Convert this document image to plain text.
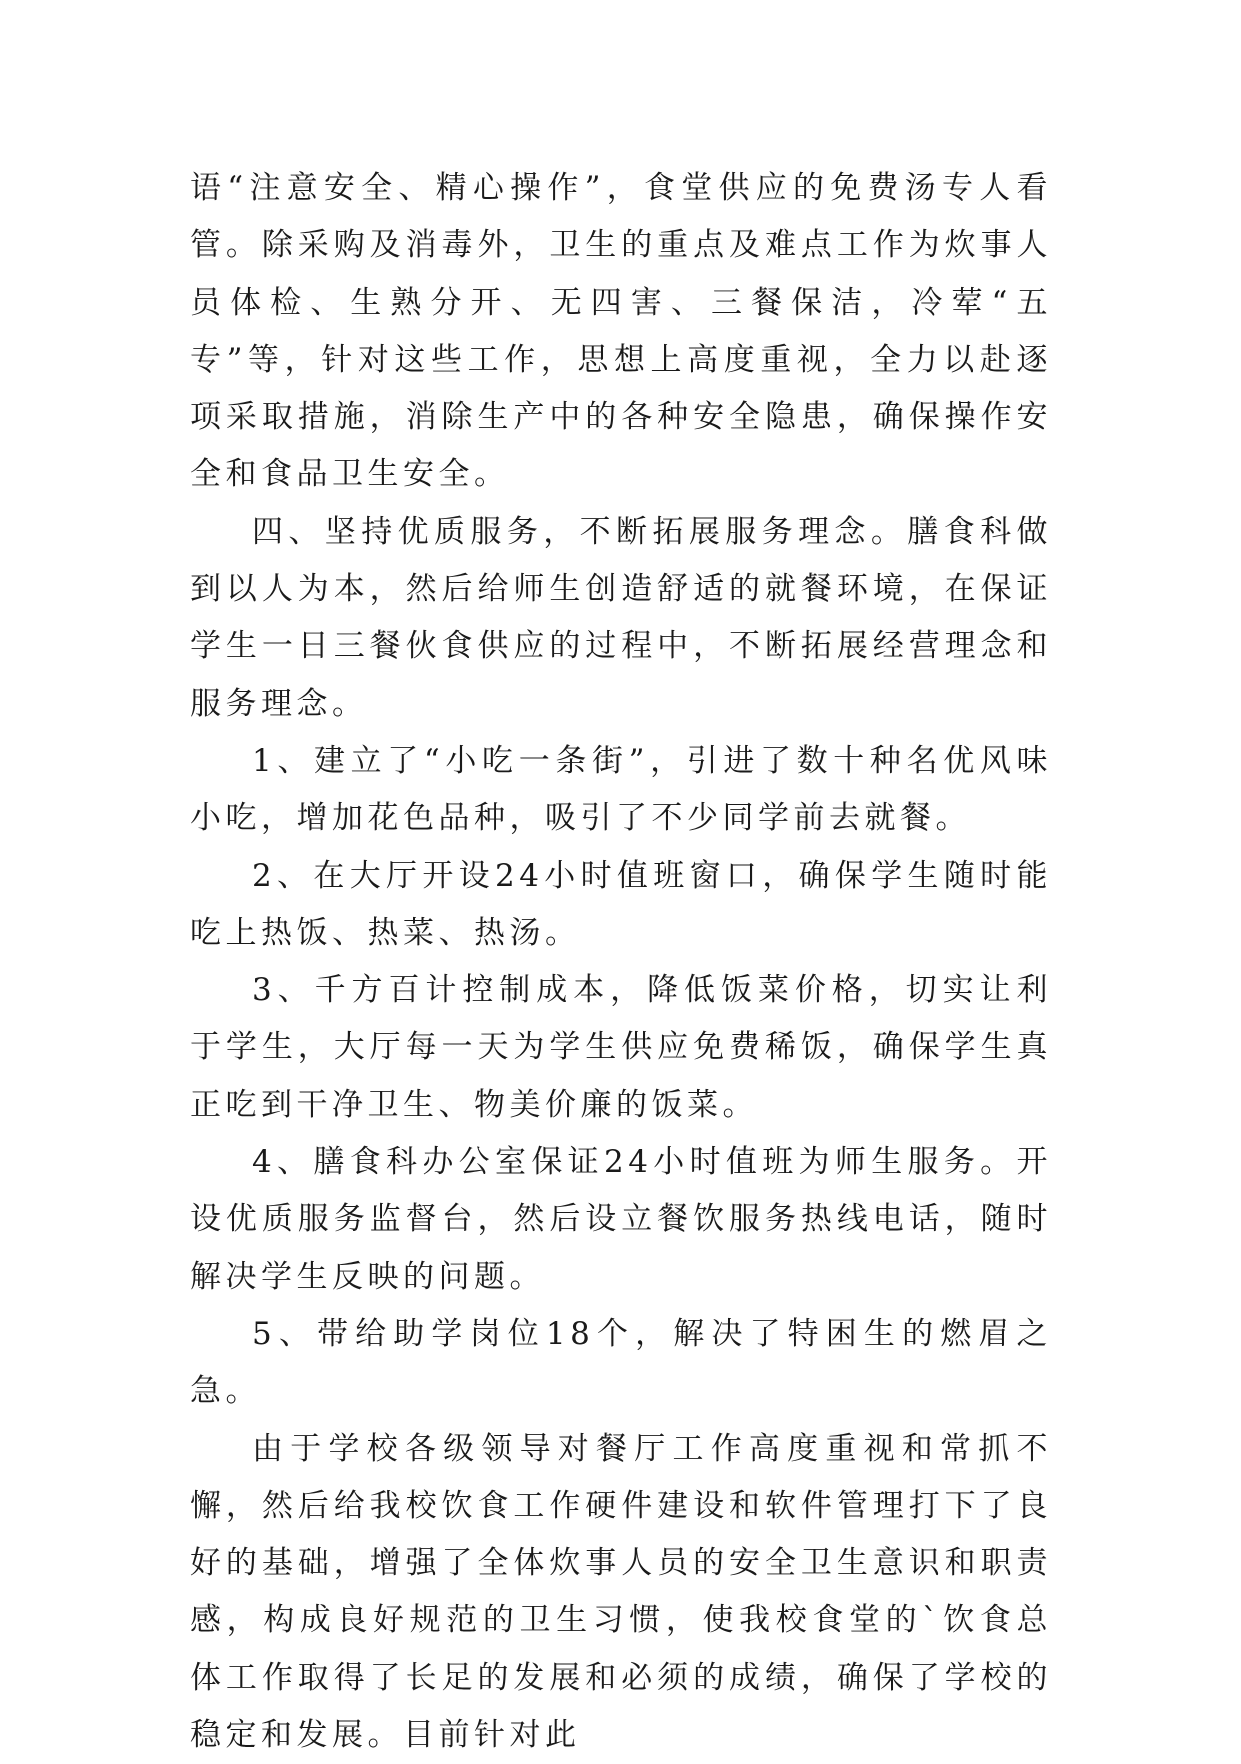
语“注意安全、精心操作”，食堂供应的免费汤专人看管。除采购及消毒外，卫生的重点及难点工作为炊事人员体检、生熟分开、无四害、三餐保洁，冷荤“五专”等，针对这些工作，思想上高度重视，全力以赴逐项采取措施，消除生产中的各种安全隐患，确保操作安全和食品卫生安全。

四、坚持优质服务，不断拓展服务理念。膳食科做到以人为本，然后给师生创造舒适的就餐环境，在保证学生一日三餐伙食供应的过程中，不断拓展经营理念和服务理念。

1、建立了“小吃一条街”，引进了数十种名优风味小吃，增加花色品种，吸引了不少同学前去就餐。

2、在大厅开设24小时值班窗口，确保学生随时能吃上热饭、热菜、热汤。

3、千方百计控制成本，降低饭菜价格，切实让利于学生，大厅每一天为学生供应免费稀饭，确保学生真正吃到干净卫生、物美价廉的饭菜。

4、膳食科办公室保证24小时值班为师生服务。开设优质服务监督台，然后设立餐饮服务热线电话，随时解决学生反映的问题。

5、带给助学岗位18个，解决了特困生的燃眉之急。

由于学校各级领导对餐厅工作高度重视和常抓不懈，然后给我校饮食工作硬件建设和软件管理打下了良好的基础，增强了全体炊事人员的安全卫生意识和职责感，构成良好规范的卫生习惯，使我校食堂的`饮食总体工作取得了长足的发展和必须的成绩，确保了学校的稳定和发展。目前针对此
